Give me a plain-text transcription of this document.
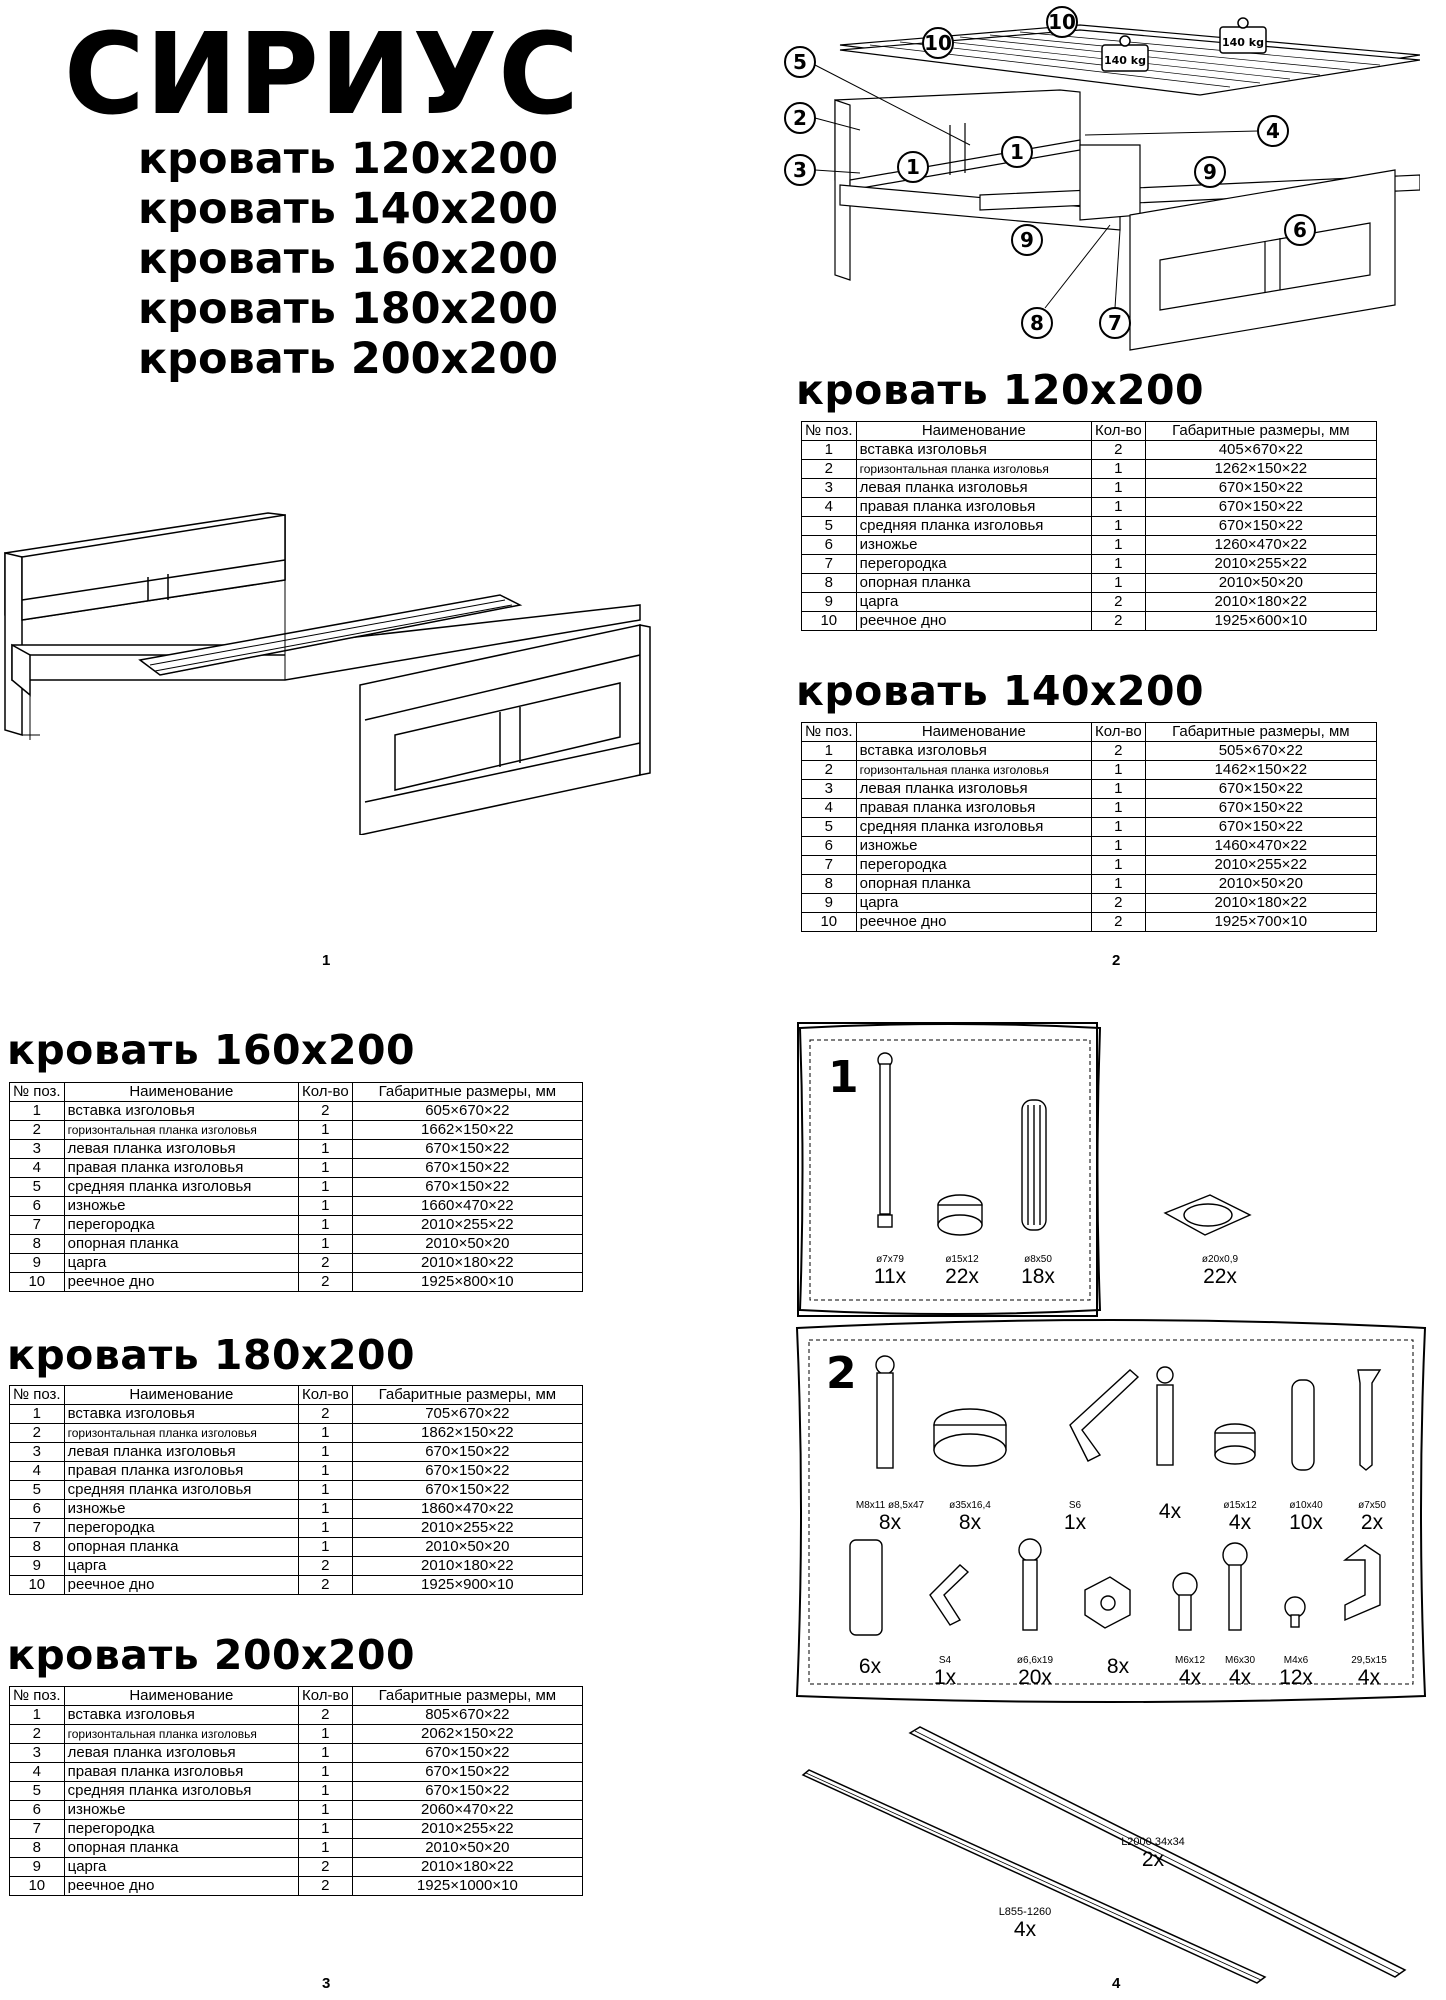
СИРИУС
кровать 120х200
кровать 140х200
кровать 160х200
кровать 180х200
кровать 200х200
1
140 kg
140 kg
10
10
5
2
3	1
1
4
9
6
9
8	7
кровать 120х200
№ поз.	Наименование	Кол-во	Габаритные размеры, мм
1	вставка изголовья	2	405×670×22
2	горизонтальная планка изголовья	1	1262×150×22
3	левая планка изголовья	1	670×150×22
4	правая планка изголовья	1	670×150×22
5	средняя планка изголовья	1	670×150×22
6	изножье	1	1260×470×22
7	перегородка	1	2010×255×22
8	опорная планка	1	2010×50×20
9	царга	2	2010×180×22
10	реечное дно	2	1925×600×10
кровать 140х200
№ поз.	Наименование	Кол-во	Габаритные размеры, мм
1	вставка изголовья	2	505×670×22
2	горизонтальная планка изголовья	1	1462×150×22
3	левая планка изголовья	1	670×150×22
4	правая планка изголовья	1	670×150×22
5	средняя планка изголовья	1	670×150×22
6	изножье	1	1460×470×22
7	перегородка	1	2010×255×22
8	опорная планка	1	2010×50×20
9	царга	2	2010×180×22
10	реечное дно	2	1925×700×10
2
кровать 160х200
№ поз.	Наименование	Кол-во	Габаритные размеры, мм
1	вставка изголовья	2	605×670×22
2	горизонтальная планка изголовья	1	1662×150×22
3	левая планка изголовья	1	670×150×22
4	правая планка изголовья	1	670×150×22
5	средняя планка изголовья	1	670×150×22
6	изножье	1	1660×470×22
7	перегородка	1	2010×255×22
8	опорная планка	1	2010×50×20
9	царга	2	2010×180×22
10	реечное дно	2	1925×800×10
кровать 180х200
№ поз.	Наименование	Кол-во	Габаритные размеры, мм
1	вставка изголовья	2	705×670×22
2	горизонтальная планка изголовья	1	1862×150×22
3	левая планка изголовья	1	670×150×22
4	правая планка изголовья	1	670×150×22
5	средняя планка изголовья	1	670×150×22
6	изножье	1	1860×470×22
7	перегородка	1	2010×255×22
8	опорная планка	1	2010×50×20
9	царга	2	2010×180×22
10	реечное дно	2	1925×900×10
кровать 200х200
№ поз.	Наименование	Кол-во	Габаритные размеры, мм
1	вставка изголовья	2	805×670×22
2	горизонтальная планка изголовья	1	2062×150×22
3	левая планка изголовья	1	670×150×22
4	правая планка изголовья	1	670×150×22
5	средняя планка изголовья	1	670×150×22
6	изножье	1	2060×470×22
7	перегородка	1	2010×255×22
8	опорная планка	1	2010×50×20
9	царга	2	2010×180×22
10	реечное дно	2	1925×1000×10
3
1
ø7x79
11x
ø15x12
22x
ø8x50
18x
ø20x0,9
22x
2
M8x11 ø8,5x47
8x
ø35x16,4
8x
S6
1x	4x	ø15x12
4x
ø10x40
10x
ø7x50
2x
6x	S4
1x
ø6,6x19
20x	8x	M6x12
4x
M6x30
4x
M4x6
12x
29,5x15
4x
L2000 34x34
2x
L855-1260
4x
4
